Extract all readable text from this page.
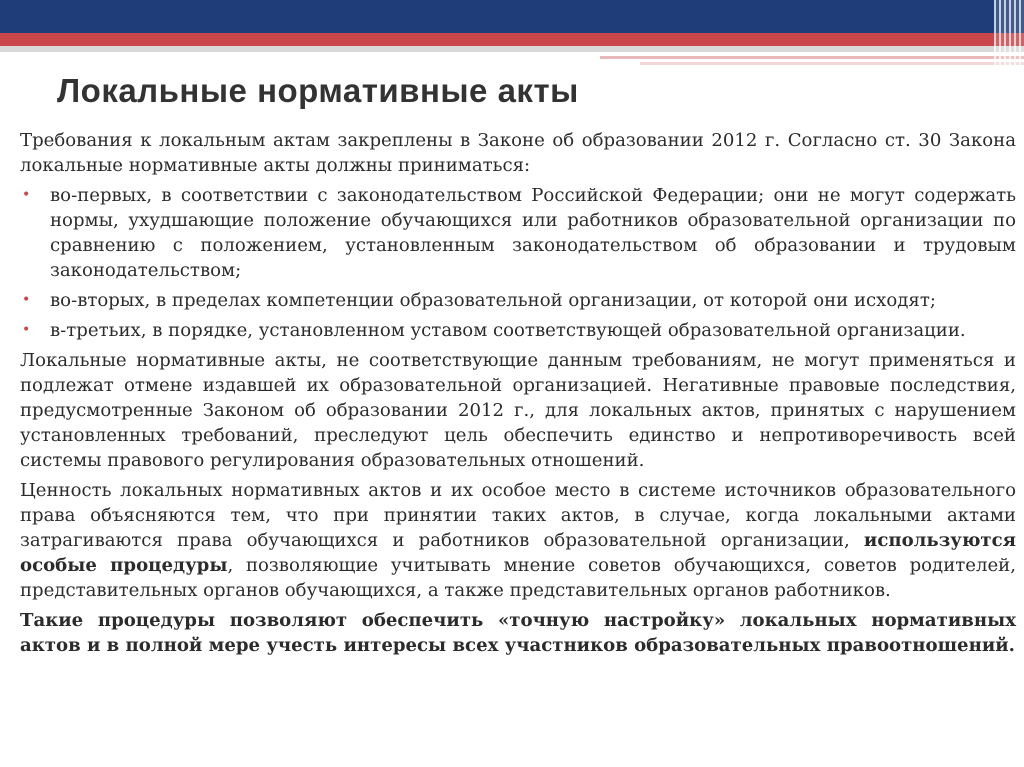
Локальные нормативные акты

Требования к локальным актам закреплены в Законе об образовании 2012 г. Согласно ст. 30 Закона локальные нормативные акты должны приниматься:

• во-первых, в соответствии с законодательством Российской Федерации; они не могут содержать нормы, ухудшающие положение обучающихся или работников образовательной организации по сравнению с положением, установленным законодательством об образовании и трудовым законодательством;
• во-вторых, в пределах компетенции образовательной организации, от которой они исходят;
• в-третьих, в порядке, установленном уставом соответствующей образовательной организации.

Локальные нормативные акты, не соответствующие данным требованиям, не могут применяться и подлежат отмене издавшей их образовательной организацией. Негативные правовые последствия, предусмотренные Законом об образовании 2012 г., для локальных актов, принятых с нарушением установленных требований, преследуют цель обеспечить единство и непротиворечивость всей системы правового регулирования образовательных отношений.

Ценность локальных нормативных актов и их особое место в системе источников образовательного права объясняются тем, что при принятии таких актов, в случае, когда локальными актами затрагиваются права обучающихся и работников образовательной организации, используются особые процедуры, позволяющие учитывать мнение советов обучающихся, советов родителей, представительных органов обучающихся, а также представительных органов работников.

Такие процедуры позволяют обеспечить «точную настройку» локальных нормативных актов и в полной мере учесть интересы всех участников образовательных правоотношений.
